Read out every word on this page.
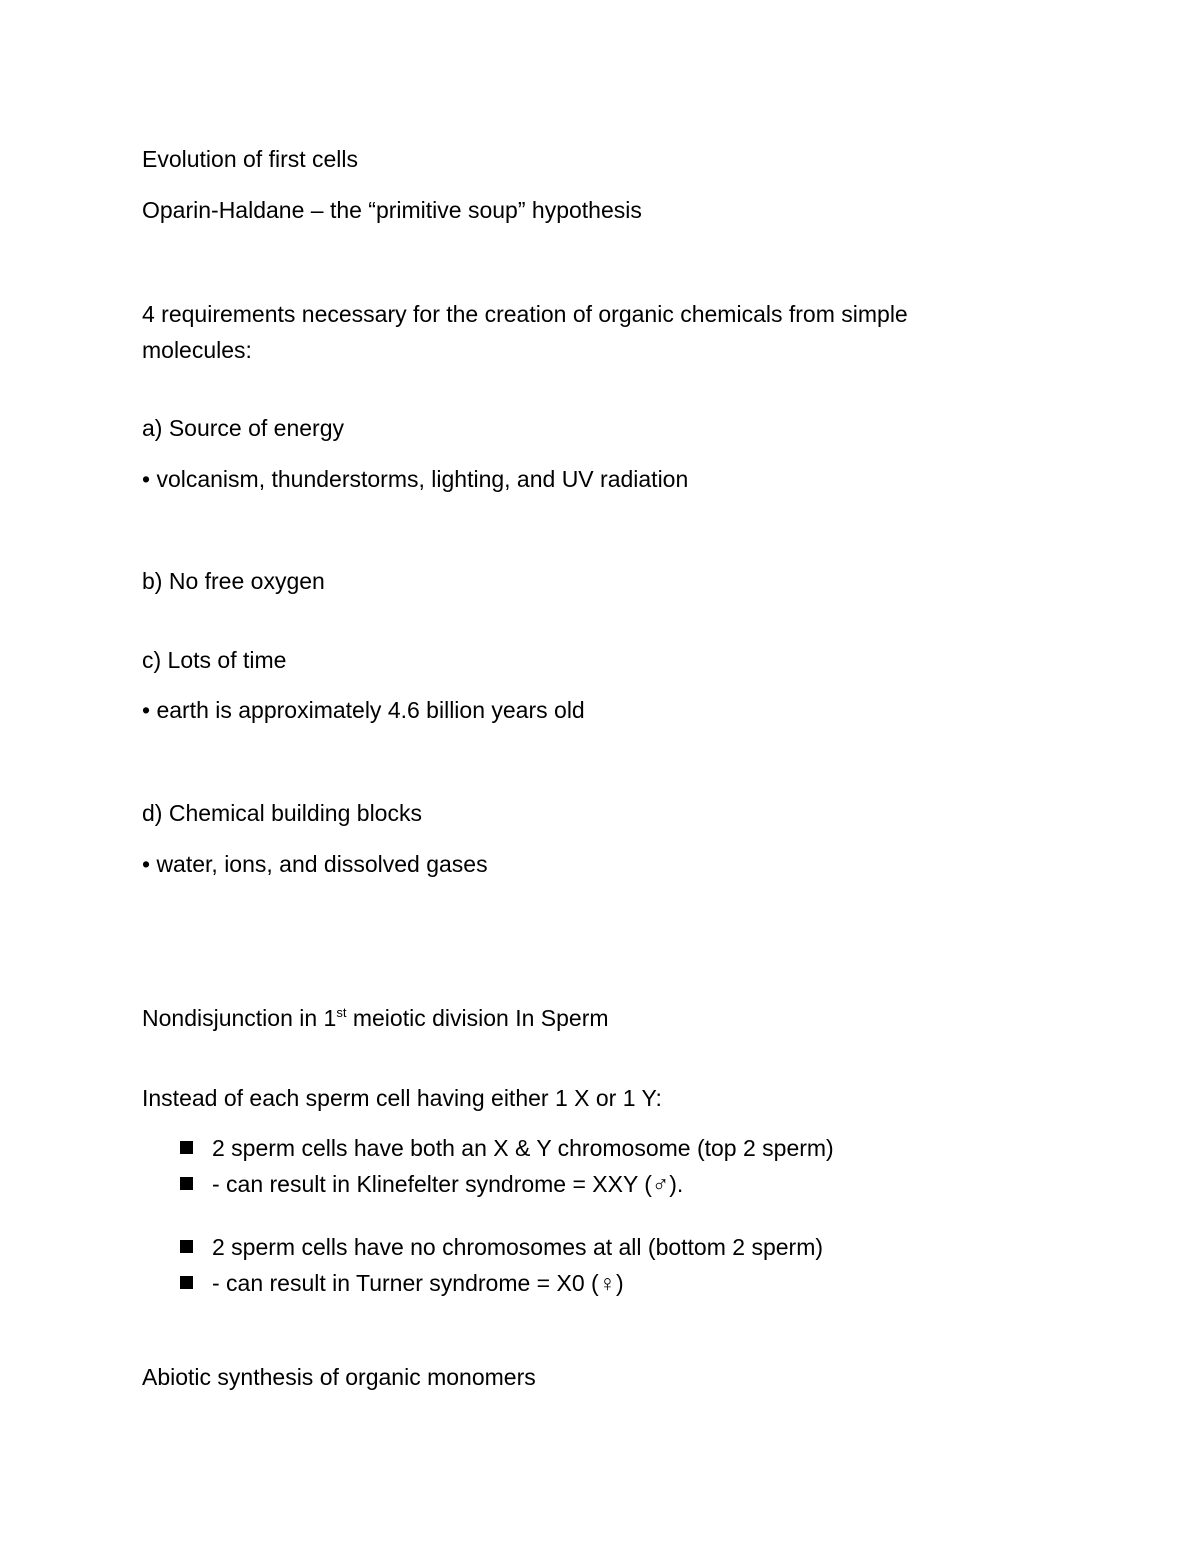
Evolution of first cells
Oparin-Haldane – the “primitive soup” hypothesis
4 requirements necessary for the creation of organic chemicals from simple molecules:
a) Source of energy
• volcanism, thunderstorms, lighting, and UV radiation
b) No free oxygen
c) Lots of time
• earth is approximately 4.6 billion years old
d) Chemical building blocks
• water, ions, and dissolved gases
Nondisjunction in 1st meiotic division In Sperm
Instead of each sperm cell having either 1 X or 1 Y:
2 sperm cells have both an X & Y chromosome (top 2 sperm)
- can result in Klinefelter syndrome = XXY (♂).
2 sperm cells have no chromosomes at all (bottom 2 sperm)
- can result in Turner syndrome = X0 (♀)
Abiotic synthesis of organic monomers
